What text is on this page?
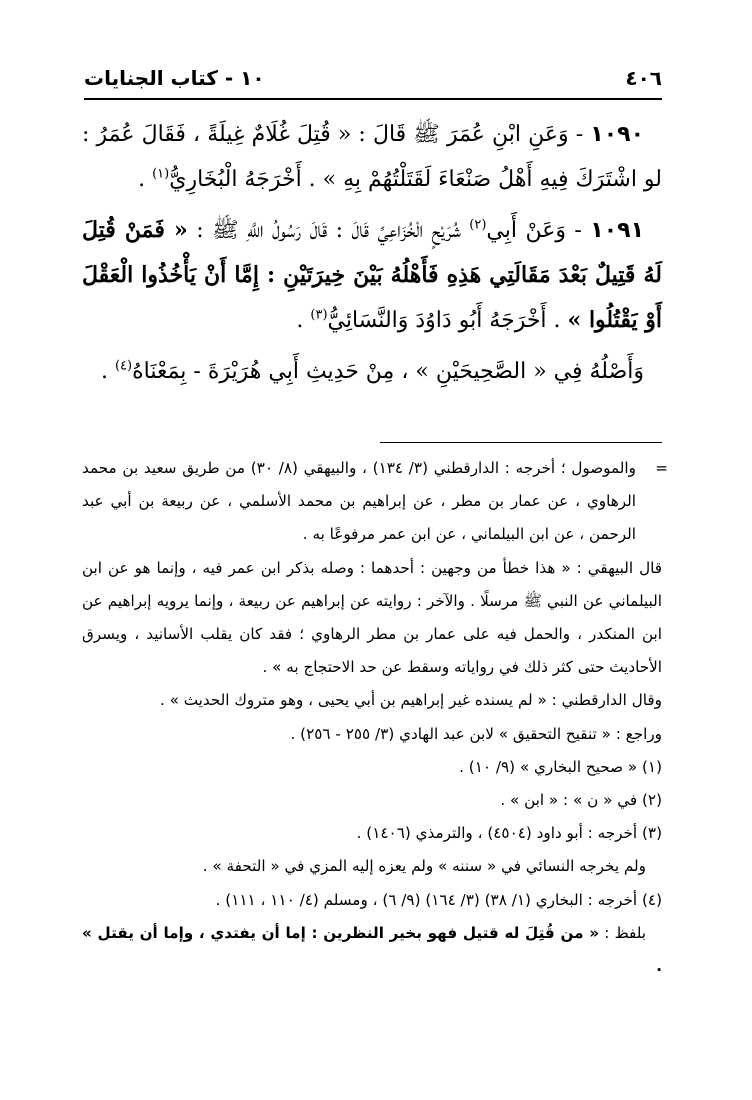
٤٠٦
١٠ - كتاب الجنايات

١٠٩٠ - وَعَنِ ابْنِ عُمَرَ ﷺ قَالَ : « قُتِلَ غُلَامٌ غِيلَةً ، فَقَالَ عُمَرُ : لو اشْتَرَكَ فِيهِ أَهْلُ صَنْعَاءَ لَقَتَلْتُهُمْ بِهِ » . أَخْرَجَهُ الْبُخَارِيُّ$^{(١)}$ .

١٠٩١ - وَعَنْ أَبِي$^{(٢)}$ شُرَيْحٍ الْخُزَاعِيِّ قَالَ : قَالَ رَسُولُ اللَّهِ ﷺ : « فَمَنْ قُتِلَ لَهُ قَتِيلٌ بَعْدَ مَقَالَتِي هَذِهِ فَأَهْلُهُ بَيْنَ خِيرَتَيْنِ : إِمَّا أَنْ يَأْخُذُوا الْعَقْلَ أَوْ يَقْتُلُوا » . أَخْرَجَهُ أَبُو دَاوُدَ وَالنَّسَائِيُّ$^{(٣)}$ .

وَأَصْلُهُ فِي « الصَّحِيحَيْنِ » ، مِنْ حَدِيثِ أَبِي هُرَيْرَةَ - بِمَعْنَاهُ$^{(٤)}$ .

=
والموصول ؛ أخرجه : الدارقطني (٣/ ١٣٤) ، والبيهقي (٨/ ٣٠) من طريق سعيد بن محمد الرهاوي ، عن عمار بن مطر ، عن إبراهيم بن محمد الأسلمي ، عن ربيعة بن أبي عبد الرحمن ، عن ابن البيلماني ، عن ابن عمر مرفوعًا به .

قال البيهقي : « هذا خطأ من وجهين : أحدهما : وصله بذكر ابن عمر فيه ، وإنما هو عن ابن البيلماني عن النبي ﷺ مرسلًا . والآخر : روايته عن إبراهيم عن ربيعة ، وإنما يرويه إبراهيم عن ابن المنكدر ، والحمل فيه على عمار بن مطر الرهاوي ؛ فقد كان يقلب الأسانيد ، ويسرق الأحاديث حتى كثر ذلك في رواياته وسقط عن حد الاحتجاج به » .

وقال الدارقطني : « لم يسنده غير إبراهيم بن أبي يحيى ، وهو متروك الحديث » .

وراجع : « تنقيح التحقيق » لابن عبد الهادي (٣/ ٢٥٥ - ٢٥٦) .

(١) « صحيح البخاري » (٩/ ١٠) .

(٢) في « ن » : « ابن » .

(٣) أخرجه : أبو داود (٤٥٠٤) ، والترمذي (١٤٠٦) .

ولم يخرجه النسائي في « سننه » ولم يعزه إليه المزي في « التحفة » .

(٤) أخرجه : البخاري (١/ ٣٨) (٣/ ١٦٤) (٩/ ٦) ، ومسلم (٤/ ١١٠ ، ١١١) .

بلفظ : « من قُتِلَ له قتيل فهو بخير النظرين : إما أن يفتدي ، وإما أن يقتل » .
